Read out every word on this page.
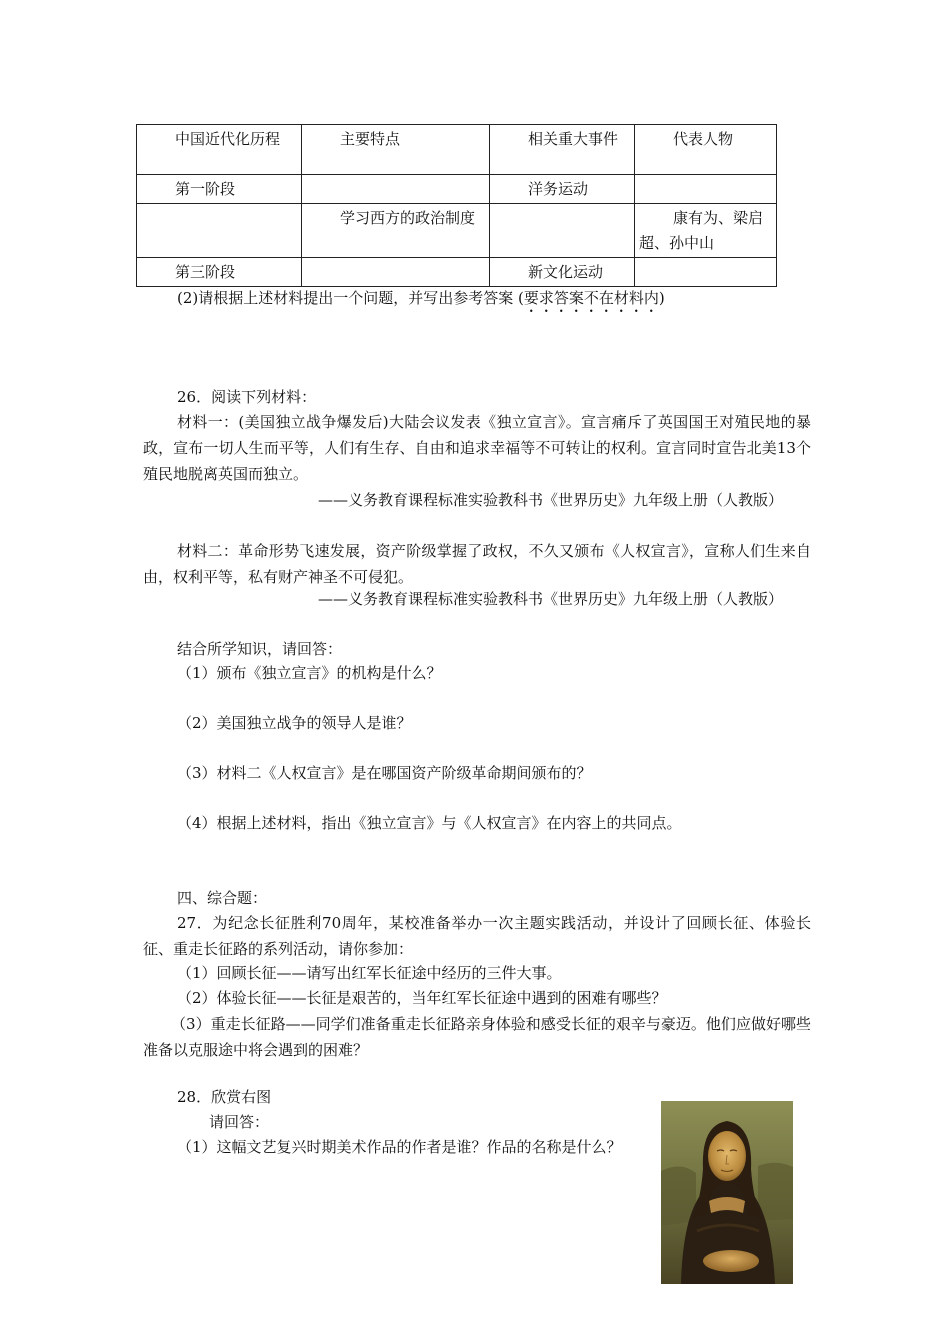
中国近代化历程	主要特点	相关重大事件	代表人物
第一阶段		洋务运动	
	学习西方的政治制度		康有为、梁启超、孙中山
第三阶段		新文化运动	
(2)请根据上述材料提出一个问题，并写出参考答案 (要求答案不在材料内)
26．阅读下列材料：
材料一：(美国独立战争爆发后)大陆会议发表《独立宣言》。宣言痛斥了英国国王对殖民地的暴政，宣布一切人生而平等，人们有生存、自由和追求幸福等不可转让的权利。宣言同时宣告北美13个殖民地脱离英国而独立。
——义务教育课程标准实验教科书《世界历史》九年级上册（人教版）
材料二：革命形势飞速发展，资产阶级掌握了政权，不久又颁布《人权宣言》，宣称人们生来自由，权利平等，私有财产神圣不可侵犯。
——义务教育课程标准实验教科书《世界历史》九年级上册（人教版）
结合所学知识，请回答：
（1）颁布《独立宣言》的机构是什么？
（2）美国独立战争的领导人是谁？
（3）材料二《人权宣言》是在哪国资产阶级革命期间颁布的？
（4）根据上述材料，指出《独立宣言》与《人权宣言》在内容上的共同点。
四、综合题：
27．为纪念长征胜利70周年，某校准备举办一次主题实践活动，并设计了回顾长征、体验长征、重走长征路的系列活动，请你参加：
（1）回顾长征——请写出红军长征途中经历的三件大事。
（2）体验长征——长征是艰苦的，当年红军长征途中遇到的困难有哪些？
（3）重走长征路——同学们准备重走长征路亲身体验和感受长征的艰辛与豪迈。他们应做好哪些准备以克服途中将会遇到的困难？
28．欣赏右图
请回答：
（1）这幅文艺复兴时期美术作品的作者是谁？作品的名称是什么？
